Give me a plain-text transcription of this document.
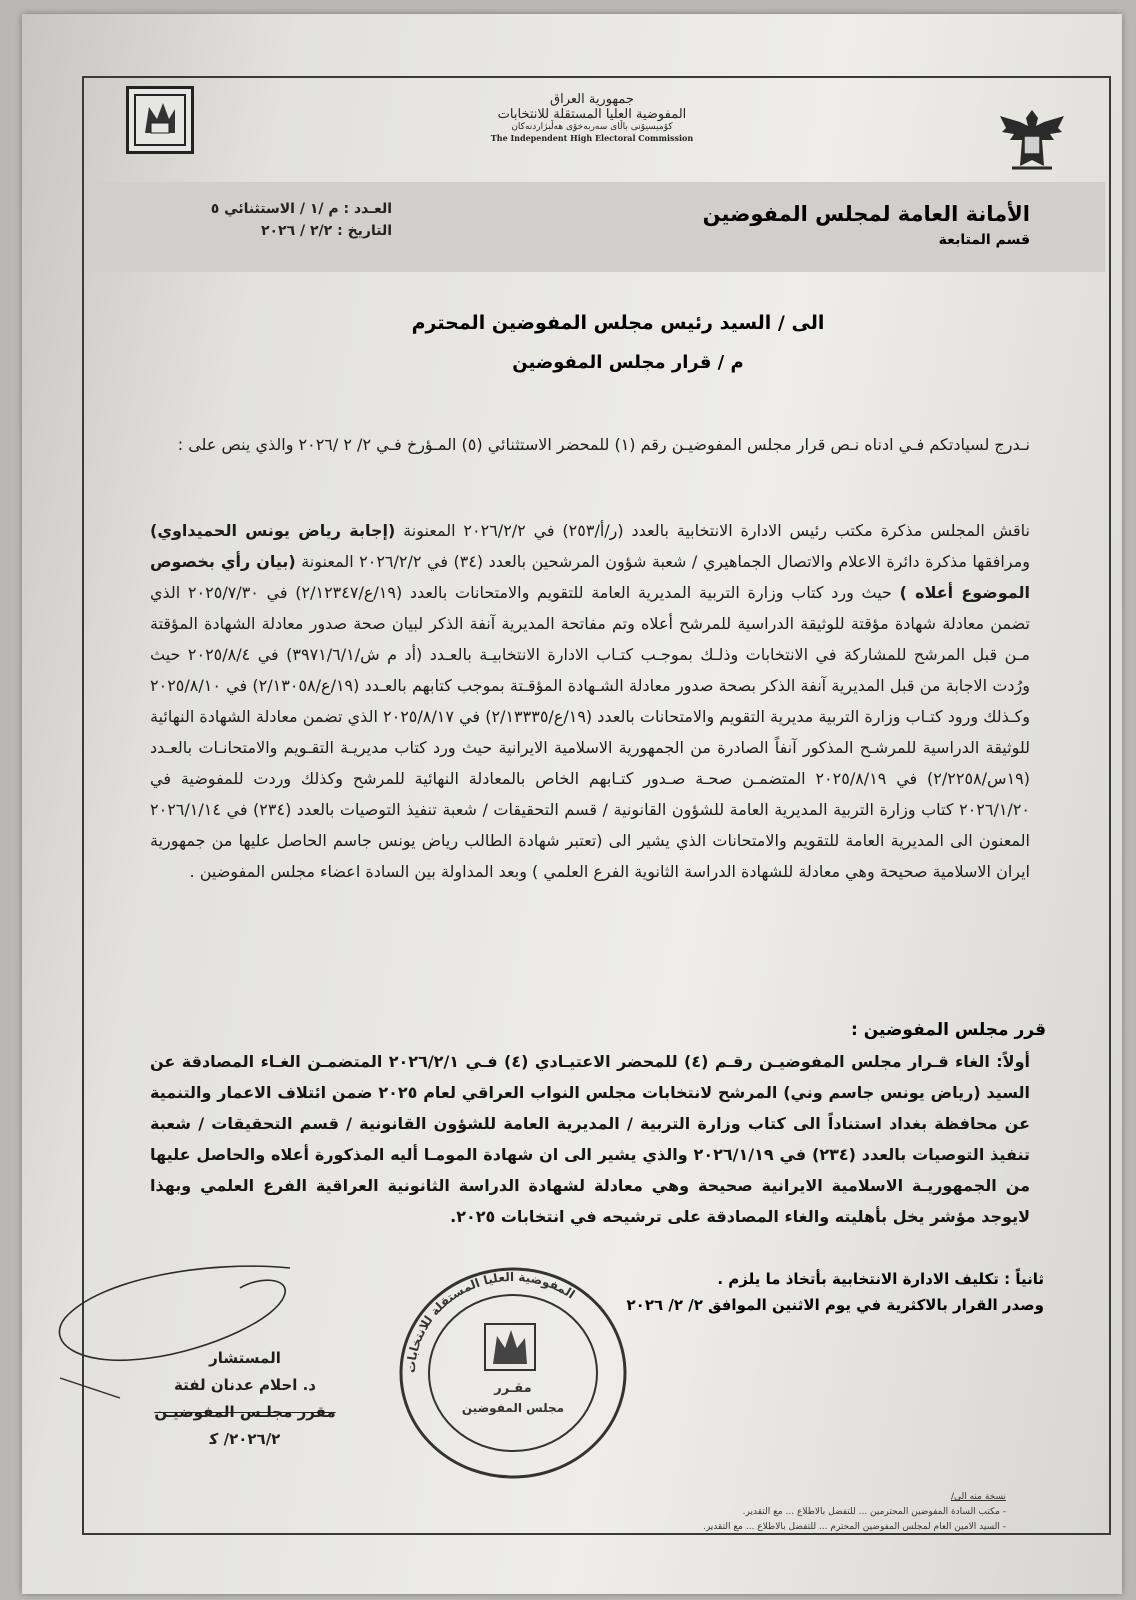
جمهورية العراق
المفوضية العليا المستقلة للانتخابات
کۆمیسیۆنی باڵای سەربەخۆی هەڵبژاردنەکان
The Independent High Electoral Commission
الأمانة العامة لمجلس المفوضين
قسم المتابعة
العـدد : م /١ / الاستثنائي ٥
التاريخ : ٢/٢ / ٢٠٢٦
الى / السيد رئيس مجلس المفوضين المحترم
م / قرار مجلس المفوضين
نـدرج لسيادتكم فـي ادناه نـص قرار مجلس المفوضيـن رقم (١) للمحضر الاستثنائي (٥) المـؤرخ فـي ٢/ ٢ /٢٠٢٦ والذي ينص على :
ناقش المجلس مذكرة مكتب رئيس الادارة الانتخابية بالعدد (ر/أ/٢٥٣) في ٢٠٢٦/٢/٢ المعنونة (إجابة رياض يونس الحميداوي) ومرافقها مذكرة دائرة الاعلام والاتصال الجماهيري / شعبة شؤون المرشحين بالعدد (٣٤) في ٢٠٢٦/٢/٢ المعنونة (بيان رأي بخصوص الموضوع أعلاه ) حيث ورد كتاب وزارة التربية المديرية العامة للتقويم والامتحانات بالعدد (١٩/ع/٢/١٢٣٤٧) في ٢٠٢٥/٧/٣٠ الذي تضمن معادلة شهادة مؤقتة للوثيقة الدراسية للمرشح أعلاه وتم مفاتحة المديرية آنفة الذكر لبيان صحة صدور معادلة الشهادة المؤقتة مـن قبل المرشح للمشاركة في الانتخابات وذلـك بموجـب كتـاب الادارة الانتخابيـة بالعـدد (أد م ش/٣٩٧١/٦/١) في ٢٠٢٥/٨/٤ حيث ورُدت الاجابة من قبل المديرية آنفة الذكر بصحة صدور معادلة الشـهادة المؤقـتة بموجب كتابهم بالعـدد (١٩/ع/٢/١٣٠٥٨) في ٢٠٢٥/٨/١٠ وكـذلك ورود كتـاب وزارة التربية مديرية التقويم والامتحانات بالعدد (١٩/ع/٢/١٣٣٣٥) في ٢٠٢٥/٨/١٧ الذي تضمن معادلة الشهادة النهائية للوثيقة الدراسية للمرشـح المذكور آنفاً الصادرة من الجمهورية الاسلامية الايرانية حيث ورد كتاب مديريـة التقـويم والامتحانـات بالعـدد (١٩س/٢/٢٢٥٨) في ٢٠٢٥/٨/١٩ المتضمـن صحـة صـدور كتـابهم الخاص بالمعادلة النهائية للمرشح وكذلك وردت للمفوضية في ٢٠٢٦/١/٢٠ كتاب وزارة التربية المديرية العامة للشؤون القانونية / قسم التحقيقات / شعبة تنفيذ التوصيات بالعدد (٢٣٤) في ٢٠٢٦/١/١٤ المعنون الى المديرية العامة للتقويم والامتحانات الذي يشير الى (تعتبر شهادة الطالب رياض يونس جاسم الحاصل عليها من جمهورية ايران الاسلامية صحيحة وهي معادلة للشهادة الدراسة الثانوية الفرع العلمي ) وبعد المداولة بين السادة اعضاء مجلس المفوضين .
قرر مجلس المفوضين :
أولاً: الغاء قـرار مجلس المفوضيـن رقـم (٤) للمحضر الاعتيـادي (٤) فـي ٢٠٢٦/٢/١ المتضمـن الغـاء المصادقة عن السيد (رياض يونس جاسم وني) المرشح لانتخابات مجلس النواب العراقي لعام ٢٠٢٥ ضمن ائتلاف الاعمار والتنمية عن محافظة بغداد استناداً الى كتاب وزارة التربية / المديرية العامة للشؤون القانونية / قسم التحقيقات / شعبة تنفيذ التوصيات بالعدد (٢٣٤) في ٢٠٢٦/١/١٩ والذي يشير الى ان شهادة المومـا أليه المذكورة أعلاه والحاصل عليها من الجمهوريـة الاسلامية الايرانية صحيحة وهي معادلة لشهادة الدراسة الثانونية العراقية الفرع العلمي وبهذا لايوجد مؤشر يخل بأهليته والغاء المصادقة على ترشيحه في انتخابات ٢٠٢٥.
ثانياً : تكليف الادارة الانتخابية بأتخاذ ما يلزم .
وصدر القرار بالاكثرية في يوم الاثنين الموافق ٢/ ٢/ ٢٠٢٦
المستشار
د. احلام عدنان لفتة
مقرر مجلـس المفوضيـن
٢٠٢٦/٢/ ﻛ
المفوضية العليا المستقلة للانتخابات
مقـرر
مجلس المفوضين
نسخة منه الى/
- مكتب السادة المفوضين المحترمين ... للتفضل بالاطلاع ... مع التقدير.
- السيد الامين العام لمجلس المفوضين المحترم ... للتفضل بالاطلاع ... مع التقدير.
